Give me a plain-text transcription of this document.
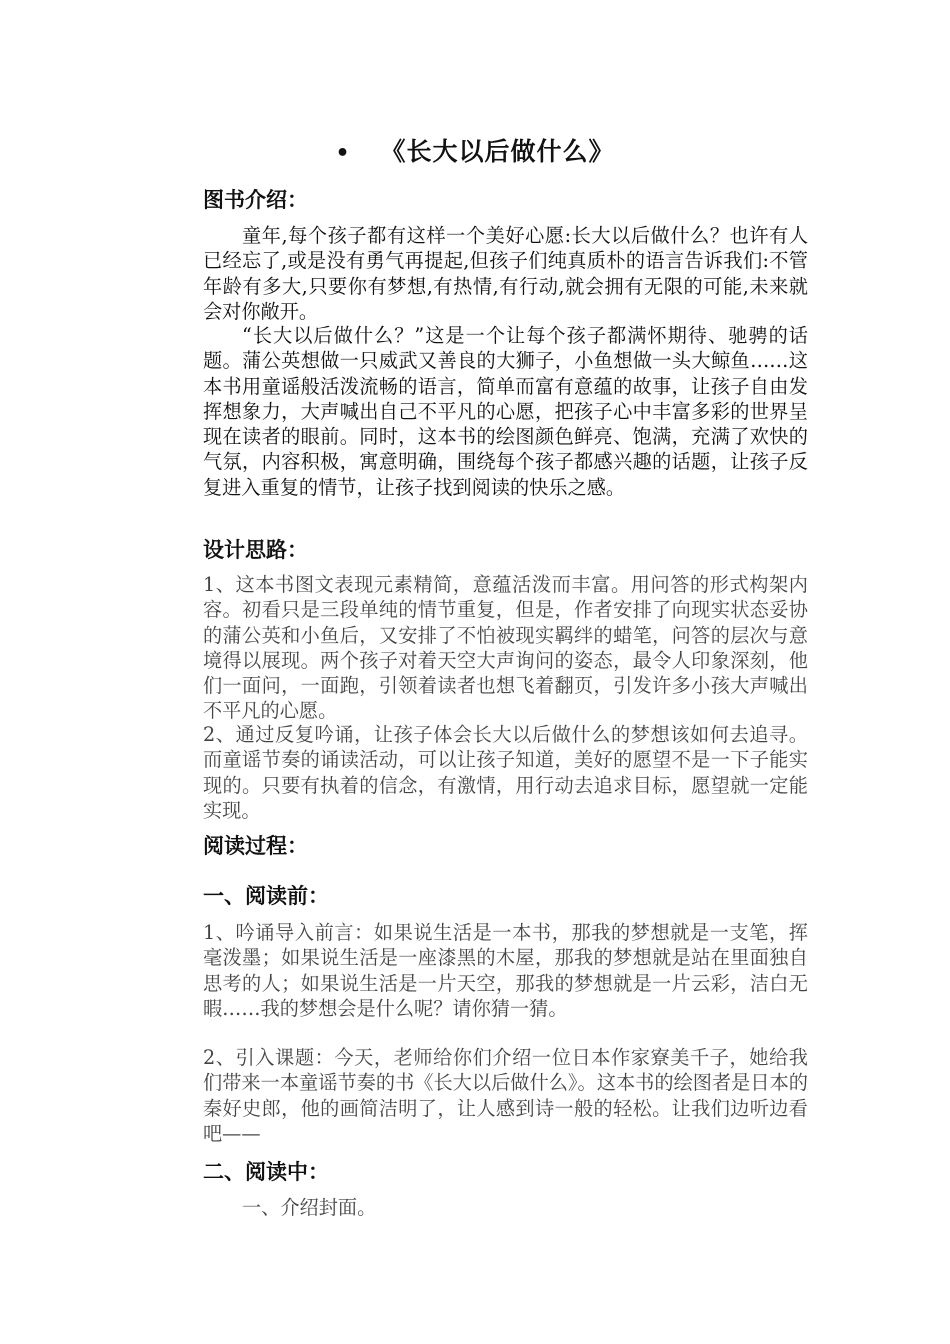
• 《长大以后做什么》
图书介绍：

童年,每个孩子都有这样一个美好心愿:长大以后做什么？也许有人已经忘了,或是没有勇气再提起,但孩子们纯真质朴的语言告诉我们:不管年龄有多大,只要你有梦想,有热情,有行动,就会拥有无限的可能,未来就会对你敞开。

“长大以后做什么？”这是一个让每个孩子都满怀期待、驰骋的话题。蒲公英想做一只威武又善良的大狮子，小鱼想做一头大鲸鱼……这本书用童谣般活泼流畅的语言，简单而富有意蕴的故事，让孩子自由发挥想象力，大声喊出自己不平凡的心愿，把孩子心中丰富多彩的世界呈现在读者的眼前。同时，这本书的绘图颜色鲜亮、饱满，充满了欢快的气氛，内容积极，寓意明确，围绕每个孩子都感兴趣的话题，让孩子反复进入重复的情节，让孩子找到阅读的快乐之感。

设计思路：

1、这本书图文表现元素精简，意蕴活泼而丰富。用问答的形式构架内容。初看只是三段单纯的情节重复，但是，作者安排了向现实状态妥协的蒲公英和小鱼后，又安排了不怕被现实羁绊的蜡笔，问答的层次与意境得以展现。两个孩子对着天空大声询问的姿态，最令人印象深刻，他们一面问，一面跑，引领着读者也想飞着翻页，引发许多小孩大声喊出不平凡的心愿。

2、通过反复吟诵，让孩子体会长大以后做什么的梦想该如何去追寻。而童谣节奏的诵读活动，可以让孩子知道，美好的愿望不是一下子能实现的。只要有执着的信念，有激情，用行动去追求目标，愿望就一定能实现。

阅读过程：
一、阅读前：

1、吟诵导入前言：如果说生活是一本书，那我的梦想就是一支笔，挥毫泼墨；如果说生活是一座漆黑的木屋，那我的梦想就是站在里面独自思考的人；如果说生活是一片天空，那我的梦想就是一片云彩，洁白无暇……我的梦想会是什么呢？请你猜一猜。

2、引入课题：今天，老师给你们介绍一位日本作家寮美千子，她给我们带来一本童谣节奏的书《长大以后做什么》。这本书的绘图者是日本的秦好史郎，他的画简洁明了，让人感到诗一般的轻松。让我们边听边看吧——

二、阅读中：

一、介绍封面。
